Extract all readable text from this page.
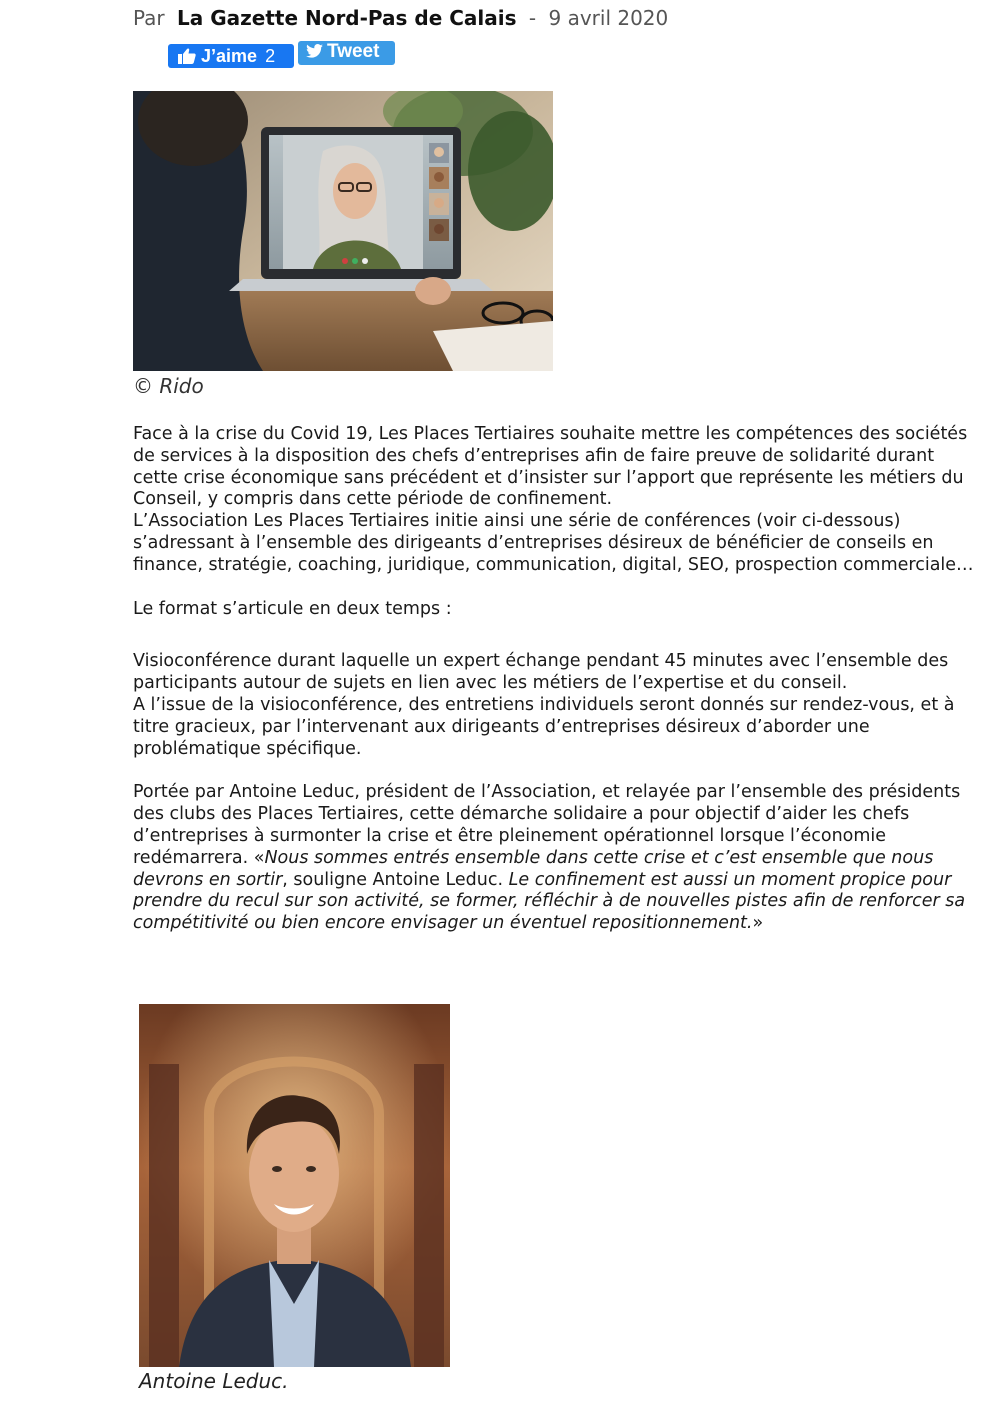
Par La Gazette Nord-Pas de Calais - 9 avril 2020
J’aime 2	Tweet
© Rido

Face à la crise du Covid 19, Les Places Tertiaires souhaite mettre les compétences des sociétés de services à la disposition des chefs d’entreprises afin de faire preuve de solidarité durant cette crise économique sans précédent et d’insister sur l’apport que représente les métiers du Conseil, y compris dans cette période de confinement.

L’Association Les Places Tertiaires initie ainsi une série de conférences (voir ci-dessous) s’adressant à l’ensemble des dirigeants d’entreprises désireux de bénéficier de conseils en finance, stratégie, coaching, juridique, communication, digital, SEO, prospection commerciale…

Le format s’articule en deux temps :

Visioconférence durant laquelle un expert échange pendant 45 minutes avec l’ensemble des participants autour de sujets en lien avec les métiers de l’expertise et du conseil.

A l’issue de la visioconférence, des entretiens individuels seront donnés sur rendez-vous, et à titre gracieux, par l’intervenant aux dirigeants d’entreprises désireux d’aborder une problématique spécifique.

Portée par Antoine Leduc, président de l’Association, et relayée par l’ensemble des présidents des clubs des Places Tertiaires, cette démarche solidaire a pour objectif d’aider les chefs d’entreprises à surmonter la crise et être pleinement opérationnel lorsque l’économie redémarrera. «Nous sommes entrés ensemble dans cette crise et c’est ensemble que nous devrons en sortir, souligne Antoine Leduc. Le confinement est aussi un moment propice pour prendre du recul sur son activité, se former, réfléchir à de nouvelles pistes afin de renforcer sa compétitivité ou bien encore envisager un éventuel repositionnement.»

Antoine Leduc.
